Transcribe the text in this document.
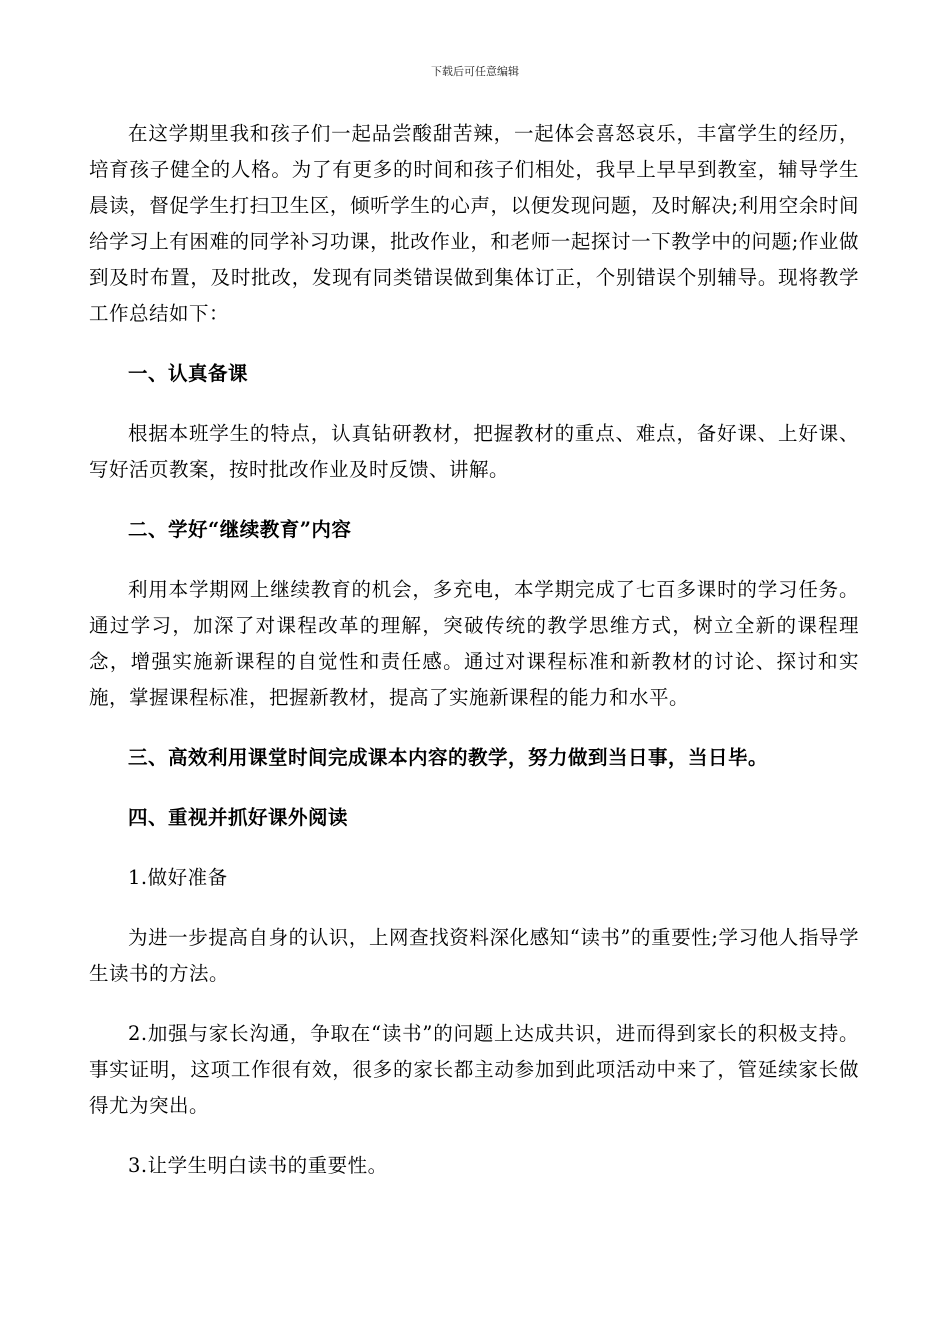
下载后可任意编辑

在这学期里我和孩子们一起品尝酸甜苦辣，一起体会喜怒哀乐，丰富学生的经历，培育孩子健全的人格。为了有更多的时间和孩子们相处，我早上早早到教室，辅导学生晨读，督促学生打扫卫生区，倾听学生的心声，以便发现问题，及时解决;利用空余时间给学习上有困难的同学补习功课，批改作业，和老师一起探讨一下教学中的问题;作业做到及时布置，及时批改，发现有同类错误做到集体订正，个别错误个别辅导。现将教学工作总结如下：

一、认真备课

根据本班学生的特点，认真钻研教材，把握教材的重点、难点，备好课、上好课、写好活页教案，按时批改作业及时反馈、讲解。

二、学好“继续教育”内容

利用本学期网上继续教育的机会，多充电，本学期完成了七百多课时的学习任务。通过学习，加深了对课程改革的理解，突破传统的教学思维方式，树立全新的课程理念，增强实施新课程的自觉性和责任感。通过对课程标准和新教材的讨论、探讨和实施，掌握课程标准，把握新教材，提高了实施新课程的能力和水平。

三、高效利用课堂时间完成课本内容的教学，努力做到当日事，当日毕。

四、重视并抓好课外阅读

1.做好准备

为进一步提高自身的认识，上网查找资料深化感知“读书”的重要性;学习他人指导学生读书的方法。

2.加强与家长沟通，争取在“读书”的问题上达成共识，进而得到家长的积极支持。事实证明，这项工作很有效，很多的家长都主动参加到此项活动中来了，管延续家长做得尤为突出。

3.让学生明白读书的重要性。
